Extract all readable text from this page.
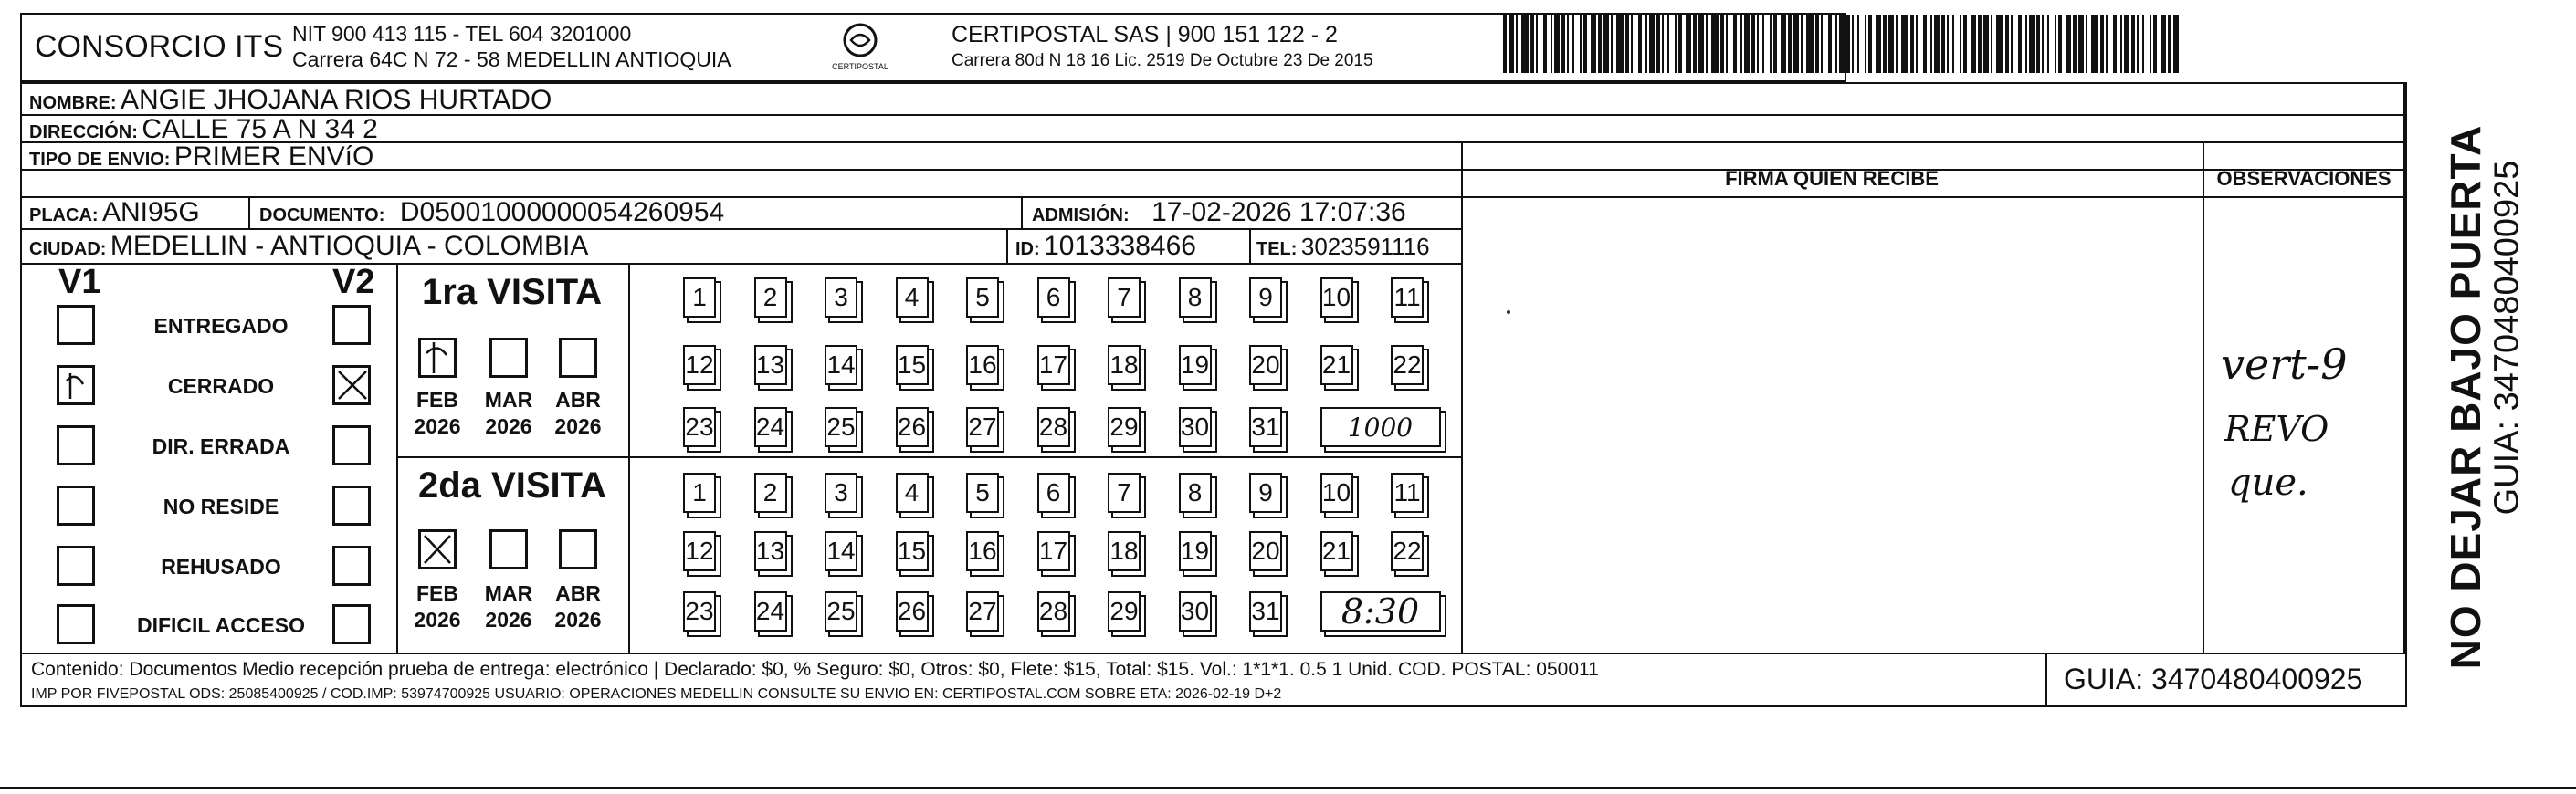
CONSORCIO ITS NIT 900 413 115 - TEL 604 3201000
Carrera 64C N 72 - 58 MEDELLIN ANTIOQUIA	CERTIPOSTAL
CERTIPOSTAL SAS | 900 151 122 - 2
Carrera 80d N 18 16 Lic. 2519 De Octubre 23 De 2015
NOMBRE: ANGIE JHOJANA RIOS HURTADO
DIRECCIÓN: CALLE 75 A N 34 2
TIPO DE ENVIO: PRIMER ENVíO
FIRMA QUIEN RECIBE	OBSERVACIONES
PLACA: ANI95G	DOCUMENTO: D05001000000054260954	ADMISIÓN: 17-02-2026 17:07:36
CIUDAD: MEDELLIN - ANTIOQUIA - COLOMBIA	ID: 1013338466	TEL: 3023591116
V1	V2
ENTREGADO
CERRADO
DIR. ERRADA
NO RESIDE
REHUSADO
DIFICIL ACCESO
1ra VISITA
FEB
2026
MAR
2026
ABR
2026
1	2	3	4	5	6	7	8	9	10 11
12 13 14 15 16 17 18 19 20 21 22
23 24 25 26 27 28 29 30 31	1000
2da VISITA
FEB
2026
MAR
2026
ABR
2026
1	2	3	4	5	6	7	8	9	10 11
12 13 14 15 16 17 18 19 20 21 22
23 24 25 26 27 28 29 30 31 8:30
vert-9
REVO
que.	NO DEJAR BAJO PUERTA
GUIA: 3470480400925
Contenido: Documentos Medio recepción prueba de entrega: electrónico | Declarado: $0, % Seguro: $0, Otros: $0, Flete: $15, Total: $15. Vol.: 1*1*1. 0.5 1 Unid. COD. POSTAL: 050011
IMP POR FIVEPOSTAL ODS: 25085400925 / COD.IMP: 53974700925 USUARIO: OPERACIONES MEDELLIN CONSULTE SU ENVIO EN: CERTIPOSTAL.COM SOBRE ETA: 2026-02-19 D+2	GUIA: 3470480400925
